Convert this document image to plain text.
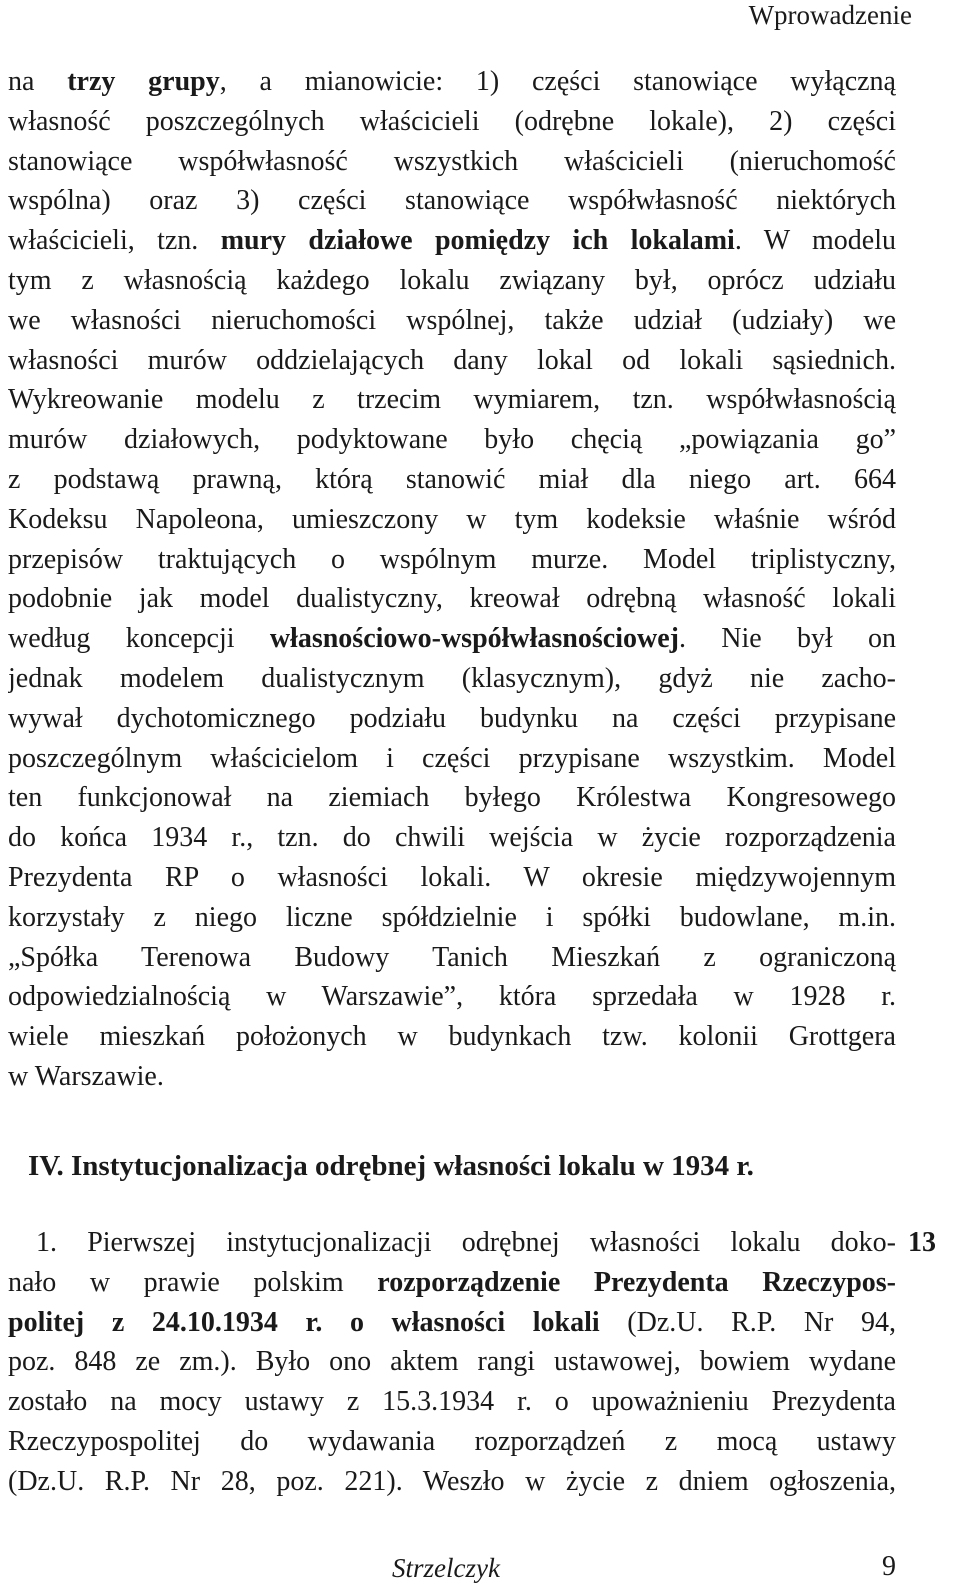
Wprowadzenie
na trzy grupy, a mianowicie: 1) części stanowiące wyłączną
własność poszczególnych właścicieli (odrębne lokale), 2) części
stanowiące współwłasność wszystkich właścicieli (nieruchomość
wspólna) oraz 3) części stanowiące współwłasność niektórych
właścicieli, tzn. mury działowe pomiędzy ich lokalami. W modelu
tym z własnością każdego lokalu związany był, oprócz udziału
we własności nieruchomości wspólnej, także udział (udziały) we
własności murów oddzielających dany lokal od lokali sąsiednich.
Wykreowanie modelu z trzecim wymiarem, tzn. współwłasnością
murów działowych, podyktowane było chęcią „powiązania go”
z podstawą prawną, którą stanowić miał dla niego art. 664
Kodeksu Napoleona, umieszczony w tym kodeksie właśnie wśród
przepisów traktujących o wspólnym murze. Model triplistyczny,
podobnie jak model dualistyczny, kreował odrębną własność lokali
według koncepcji własnościowo-współwłasnościowej. Nie był on
jednak modelem dualistycznym (klasycznym), gdyż nie zacho-
wywał dychotomicznego podziału budynku na części przypisane
poszczególnym właścicielom i części przypisane wszystkim. Model
ten funkcjonował na ziemiach byłego Królestwa Kongresowego
do końca 1934 r., tzn. do chwili wejścia w życie rozporządzenia
Prezydenta RP o własności lokali. W okresie międzywojennym
korzystały z niego liczne spółdzielnie i spółki budowlane, m.in.
„Spółka Terenowa Budowy Tanich Mieszkań z ograniczoną
odpowiedzialnością w Warszawie”, która sprzedała w 1928 r.
wiele mieszkań położonych w budynkach tzw. kolonii Grottgera
w Warszawie.
IV. Instytucjonalizacja odrębnej własności lokalu w 1934 r.
13
1. Pierwszej instytucjonalizacji odrębnej własności lokalu doko-
nało w prawie polskim rozporządzenie Prezydenta Rzeczypos-
politej z 24.10.1934 r. o własności lokali (Dz.U. R.P. Nr 94,
poz. 848 ze zm.). Było ono aktem rangi ustawowej, bowiem wydane
zostało na mocy ustawy z 15.3.1934 r. o upoważnieniu Prezydenta
Rzeczypospolitej do wydawania rozporządzeń z mocą ustawy
(Dz.U. R.P. Nr 28, poz. 221). Weszło w życie z dniem ogłoszenia,
Strzelczyk	9
